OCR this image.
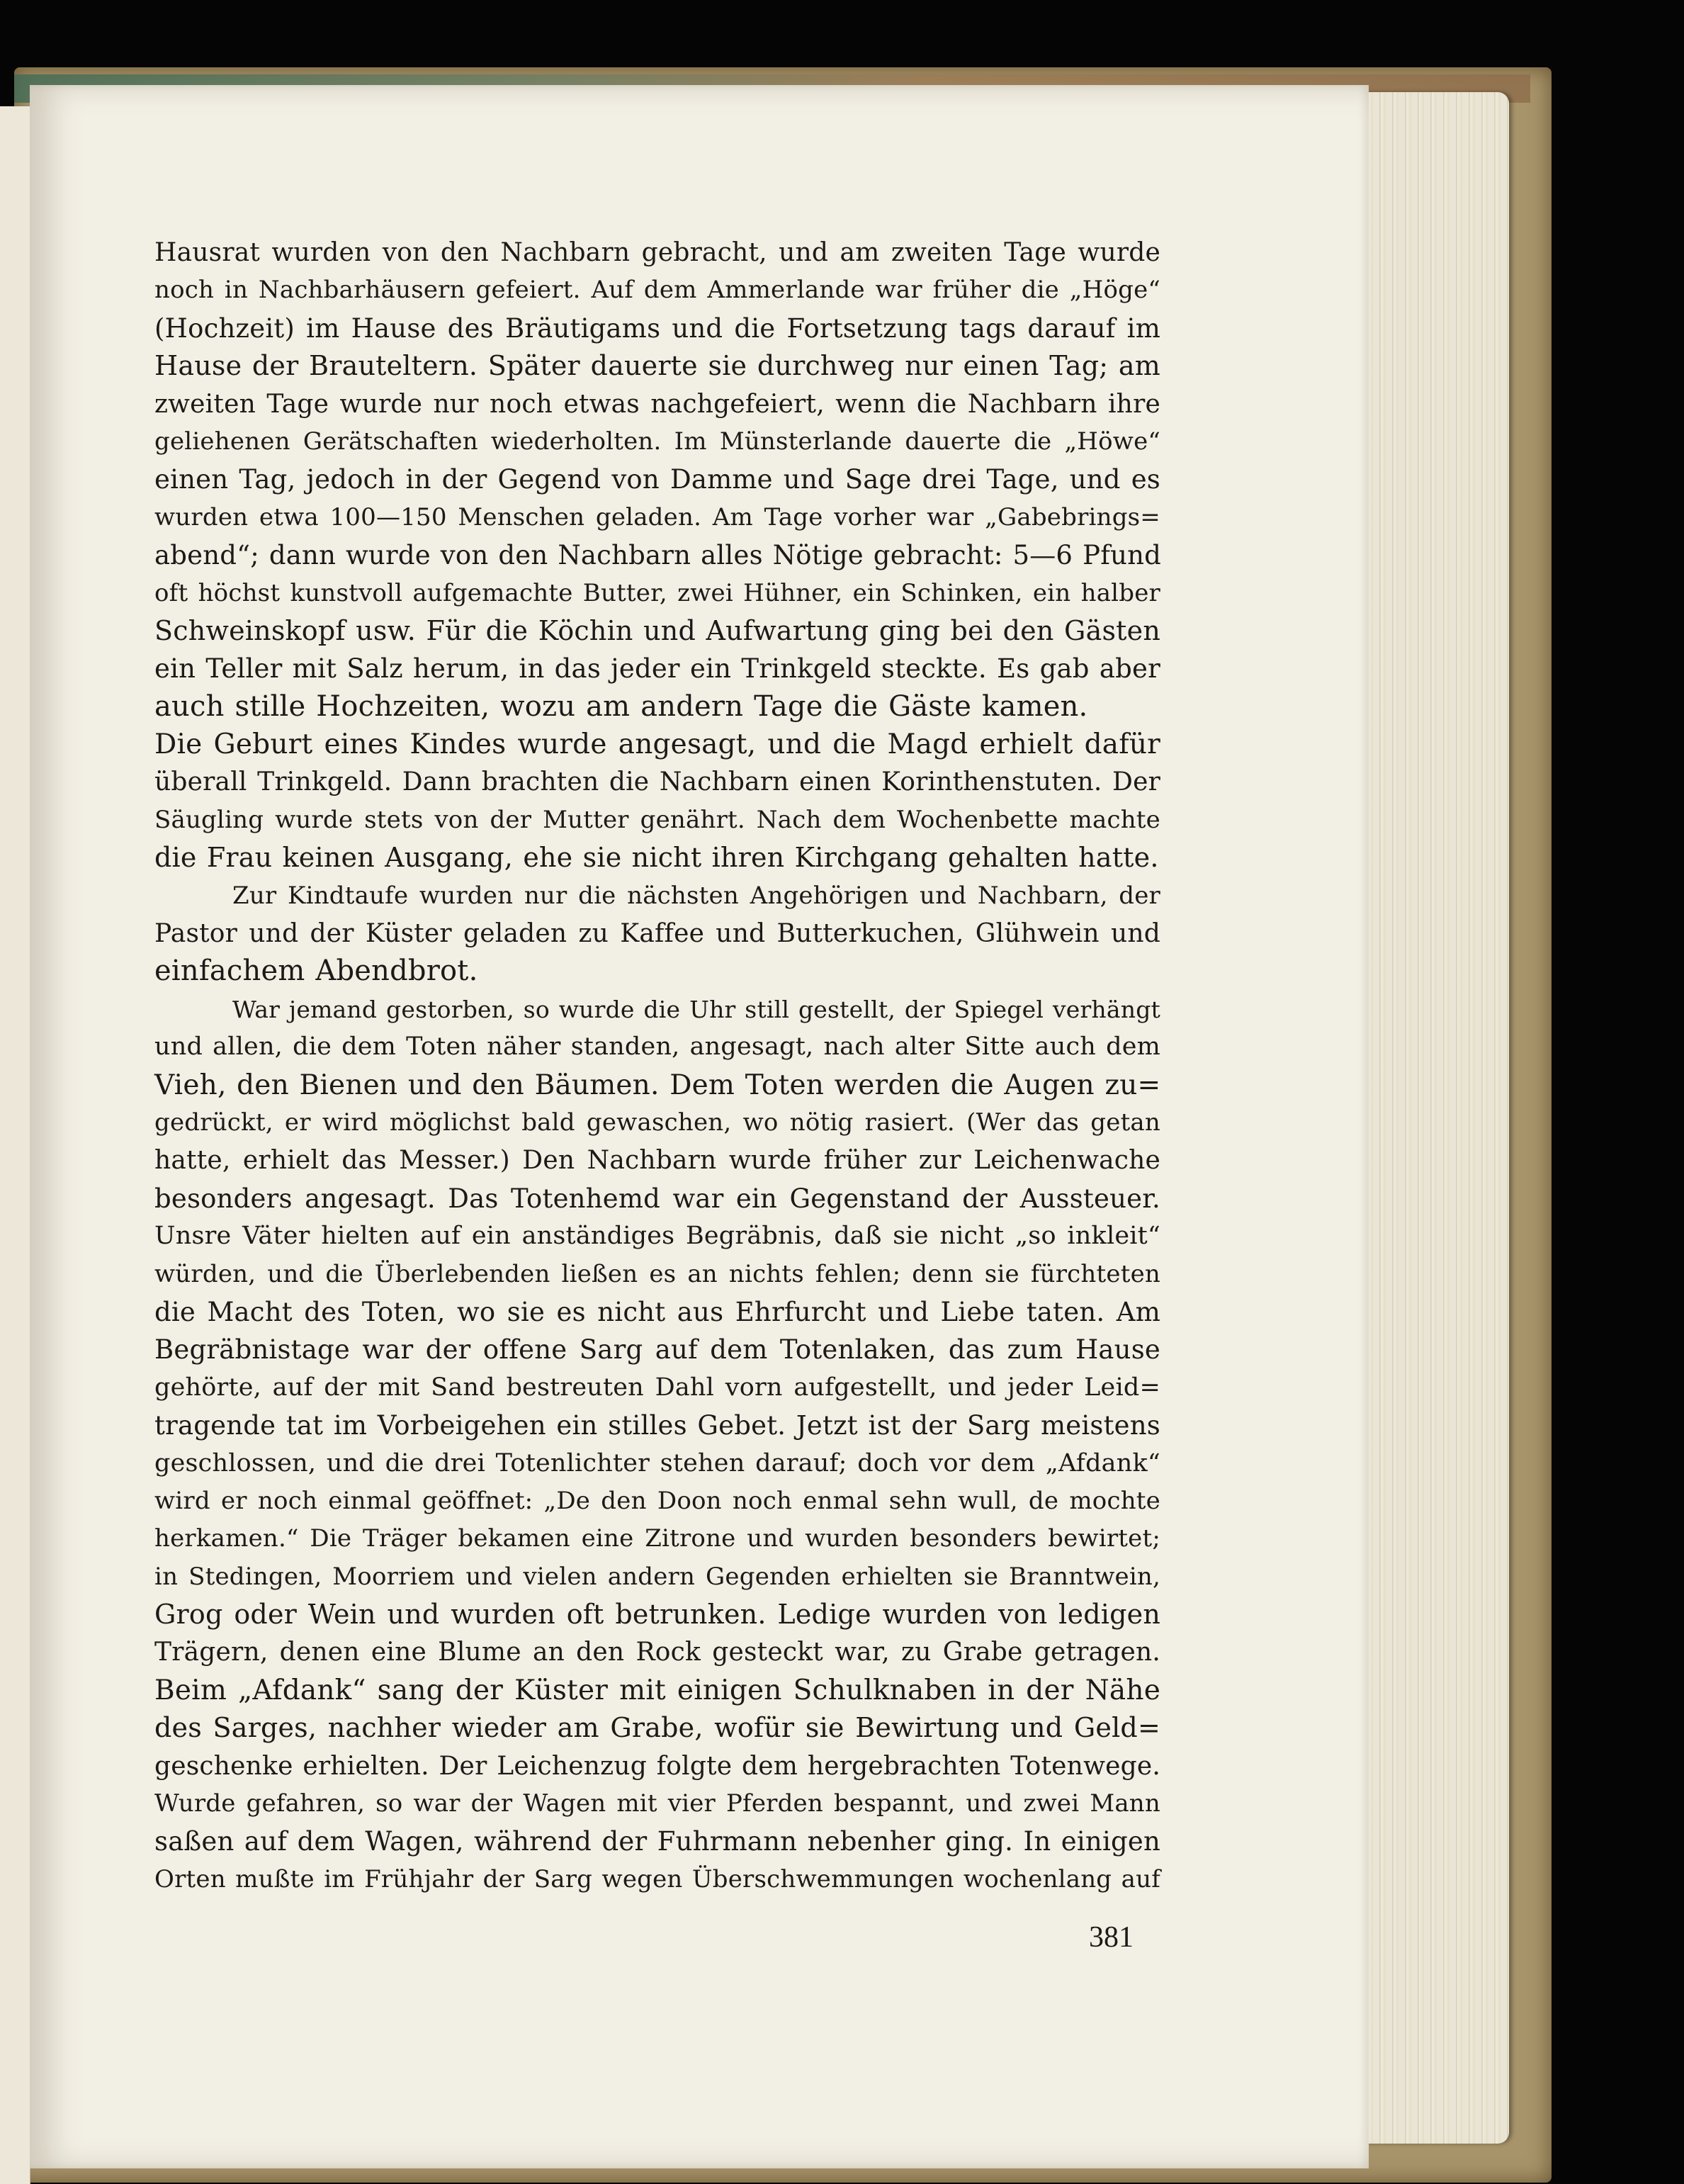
Hausrat wurden von den Nachbarn gebracht, und am zweiten Tage wurde
noch in Nachbarhäusern gefeiert. Auf dem Ammerlande war früher die „Höge“
(Hochzeit) im Hause des Bräutigams und die Fortsetzung tags darauf im
Hause der Brauteltern. Später dauerte sie durchweg nur einen Tag; am
zweiten Tage wurde nur noch etwas nachgefeiert, wenn die Nachbarn ihre
geliehenen Gerätschaften wiederholten. Im Münsterlande dauerte die „Höwe“
einen Tag, jedoch in der Gegend von Damme und Sage drei Tage, und es
wurden etwa 100—150 Menschen geladen. Am Tage vorher war „Gabebrings=
abend“; dann wurde von den Nachbarn alles Nötige gebracht: 5—6 Pfund
oft höchst kunstvoll aufgemachte Butter, zwei Hühner, ein Schinken, ein halber
Schweinskopf usw. Für die Köchin und Aufwartung ging bei den Gästen
ein Teller mit Salz herum, in das jeder ein Trinkgeld steckte. Es gab aber
auch stille Hochzeiten, wozu am andern Tage die Gäste kamen.
Die Geburt eines Kindes wurde angesagt, und die Magd erhielt dafür
überall Trinkgeld. Dann brachten die Nachbarn einen Korinthenstuten. Der
Säugling wurde stets von der Mutter genährt. Nach dem Wochenbette machte
die Frau keinen Ausgang, ehe sie nicht ihren Kirchgang gehalten hatte.
Zur Kindtaufe wurden nur die nächsten Angehörigen und Nachbarn, der
Pastor und der Küster geladen zu Kaffee und Butterkuchen, Glühwein und
einfachem Abendbrot.
War jemand gestorben, so wurde die Uhr still gestellt, der Spiegel verhängt
und allen, die dem Toten näher standen, angesagt, nach alter Sitte auch dem
Vieh, den Bienen und den Bäumen. Dem Toten werden die Augen zu=
gedrückt, er wird möglichst bald gewaschen, wo nötig rasiert. (Wer das getan
hatte, erhielt das Messer.) Den Nachbarn wurde früher zur Leichenwache
besonders angesagt. Das Totenhemd war ein Gegenstand der Aussteuer.
Unsre Väter hielten auf ein anständiges Begräbnis, daß sie nicht „so inkleit“
würden, und die Überlebenden ließen es an nichts fehlen; denn sie fürchteten
die Macht des Toten, wo sie es nicht aus Ehrfurcht und Liebe taten. Am
Begräbnistage war der offene Sarg auf dem Totenlaken, das zum Hause
gehörte, auf der mit Sand bestreuten Dahl vorn aufgestellt, und jeder Leid=
tragende tat im Vorbeigehen ein stilles Gebet. Jetzt ist der Sarg meistens
geschlossen, und die drei Totenlichter stehen darauf; doch vor dem „Afdank“
wird er noch einmal geöffnet: „De den Doon noch enmal sehn wull, de mochte
herkamen.“ Die Träger bekamen eine Zitrone und wurden besonders bewirtet;
in Stedingen, Moorriem und vielen andern Gegenden erhielten sie Branntwein,
Grog oder Wein und wurden oft betrunken. Ledige wurden von ledigen
Trägern, denen eine Blume an den Rock gesteckt war, zu Grabe getragen.
Beim „Afdank“ sang der Küster mit einigen Schulknaben in der Nähe
des Sarges, nachher wieder am Grabe, wofür sie Bewirtung und Geld=
geschenke erhielten. Der Leichenzug folgte dem hergebrachten Totenwege.
Wurde gefahren, so war der Wagen mit vier Pferden bespannt, und zwei Mann
saßen auf dem Wagen, während der Fuhrmann nebenher ging. In einigen
Orten mußte im Frühjahr der Sarg wegen Überschwemmungen wochenlang auf
381
